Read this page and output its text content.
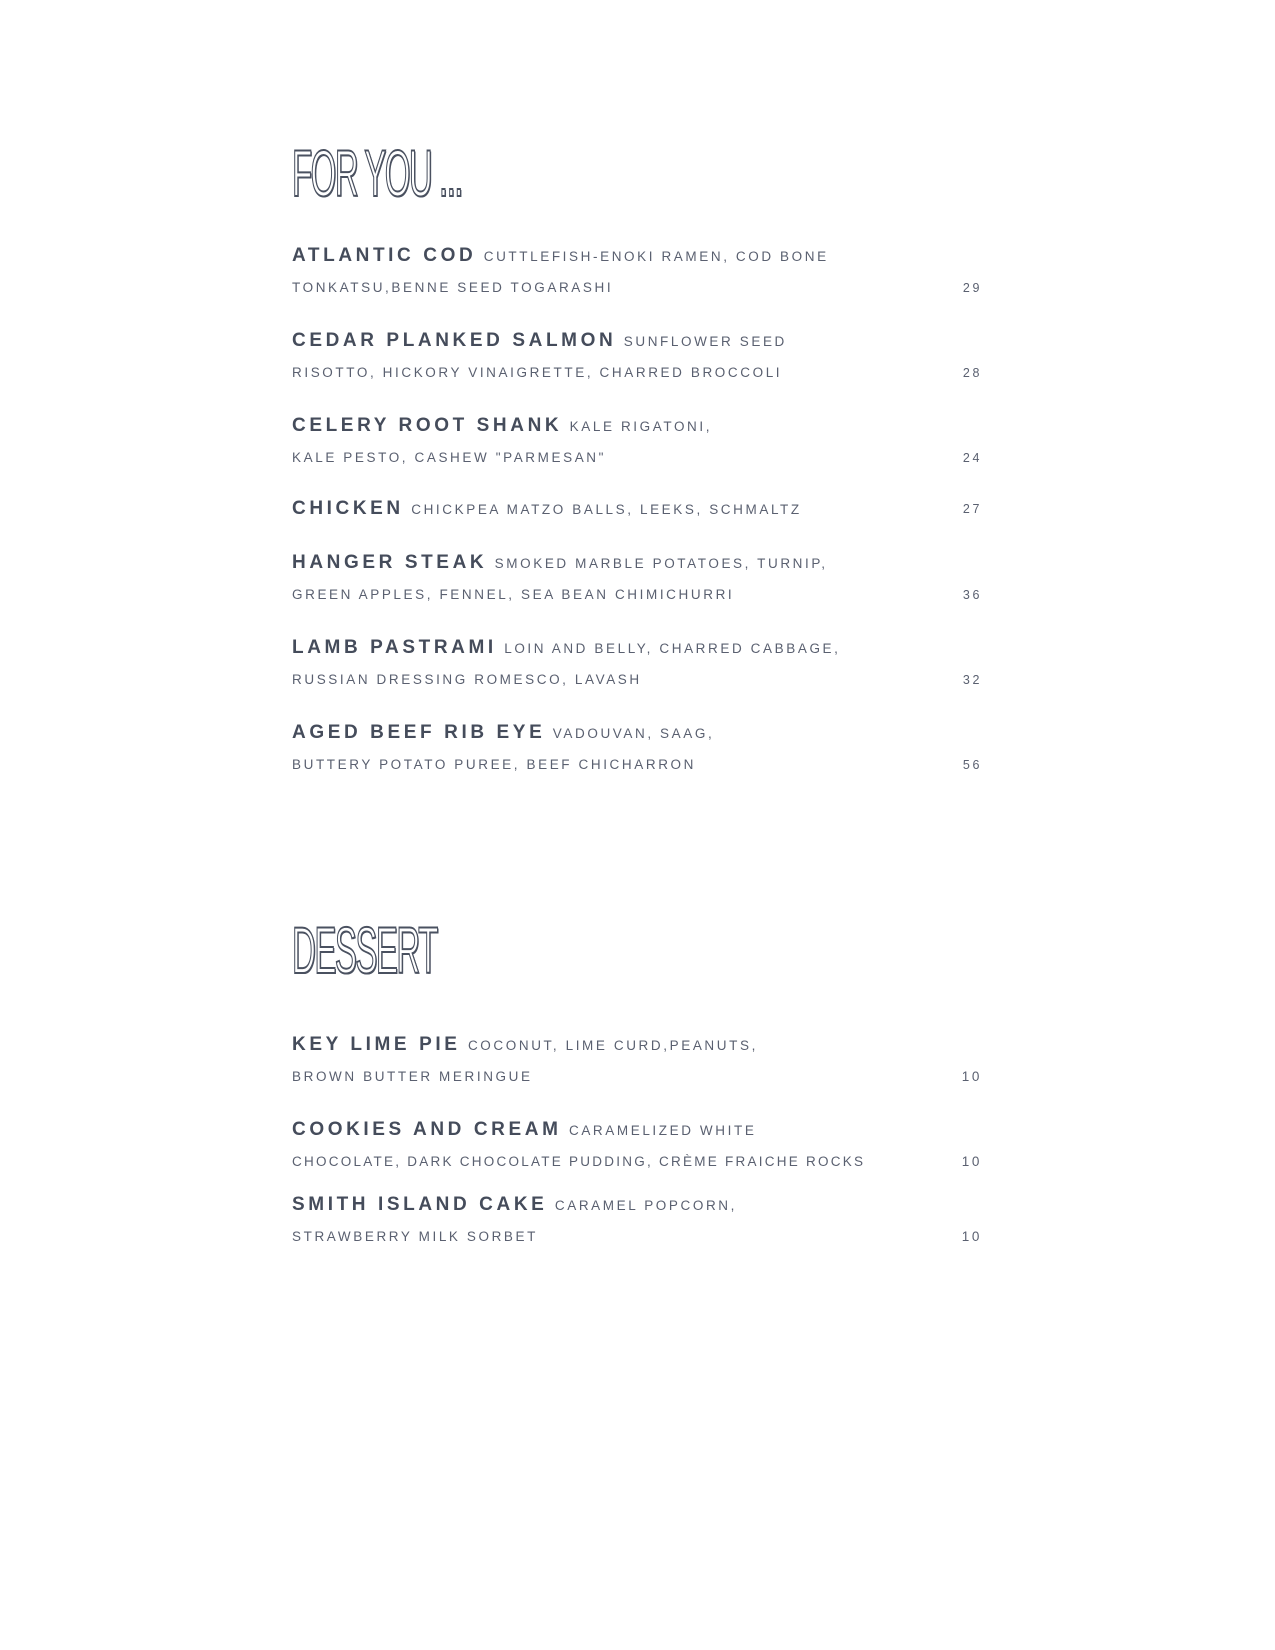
FOR YOU ...
ATLANTIC COD CUTTLEFISH-ENOKI RAMEN, COD BONE
TONKATSU,BENNE SEED TOGARASHI	29
CEDAR PLANKED SALMON SUNFLOWER SEED
RISOTTO, HICKORY VINAIGRETTE, CHARRED BROCCOLI	28
CELERY ROOT SHANK KALE RIGATONI,
KALE PESTO, CASHEW "PARMESAN"	24
CHICKEN CHICKPEA MATZO BALLS, LEEKS, SCHMALTZ	27
HANGER STEAK SMOKED MARBLE POTATOES, TURNIP,
GREEN APPLES, FENNEL, SEA BEAN CHIMICHURRI	36
LAMB PASTRAMI LOIN AND BELLY, CHARRED CABBAGE,
RUSSIAN DRESSING ROMESCO, LAVASH	32
AGED BEEF RIB EYE VADOUVAN, SAAG,
BUTTERY POTATO PUREE, BEEF CHICHARRON	56
DESSERT
KEY LIME PIE COCONUT, LIME CURD,PEANUTS,
BROWN BUTTER MERINGUE	10
COOKIES AND CREAM CARAMELIZED WHITE
CHOCOLATE, DARK CHOCOLATE PUDDING, CRÈME FRAICHE ROCKS	10
SMITH ISLAND CAKE CARAMEL POPCORN,
STRAWBERRY MILK SORBET	10
